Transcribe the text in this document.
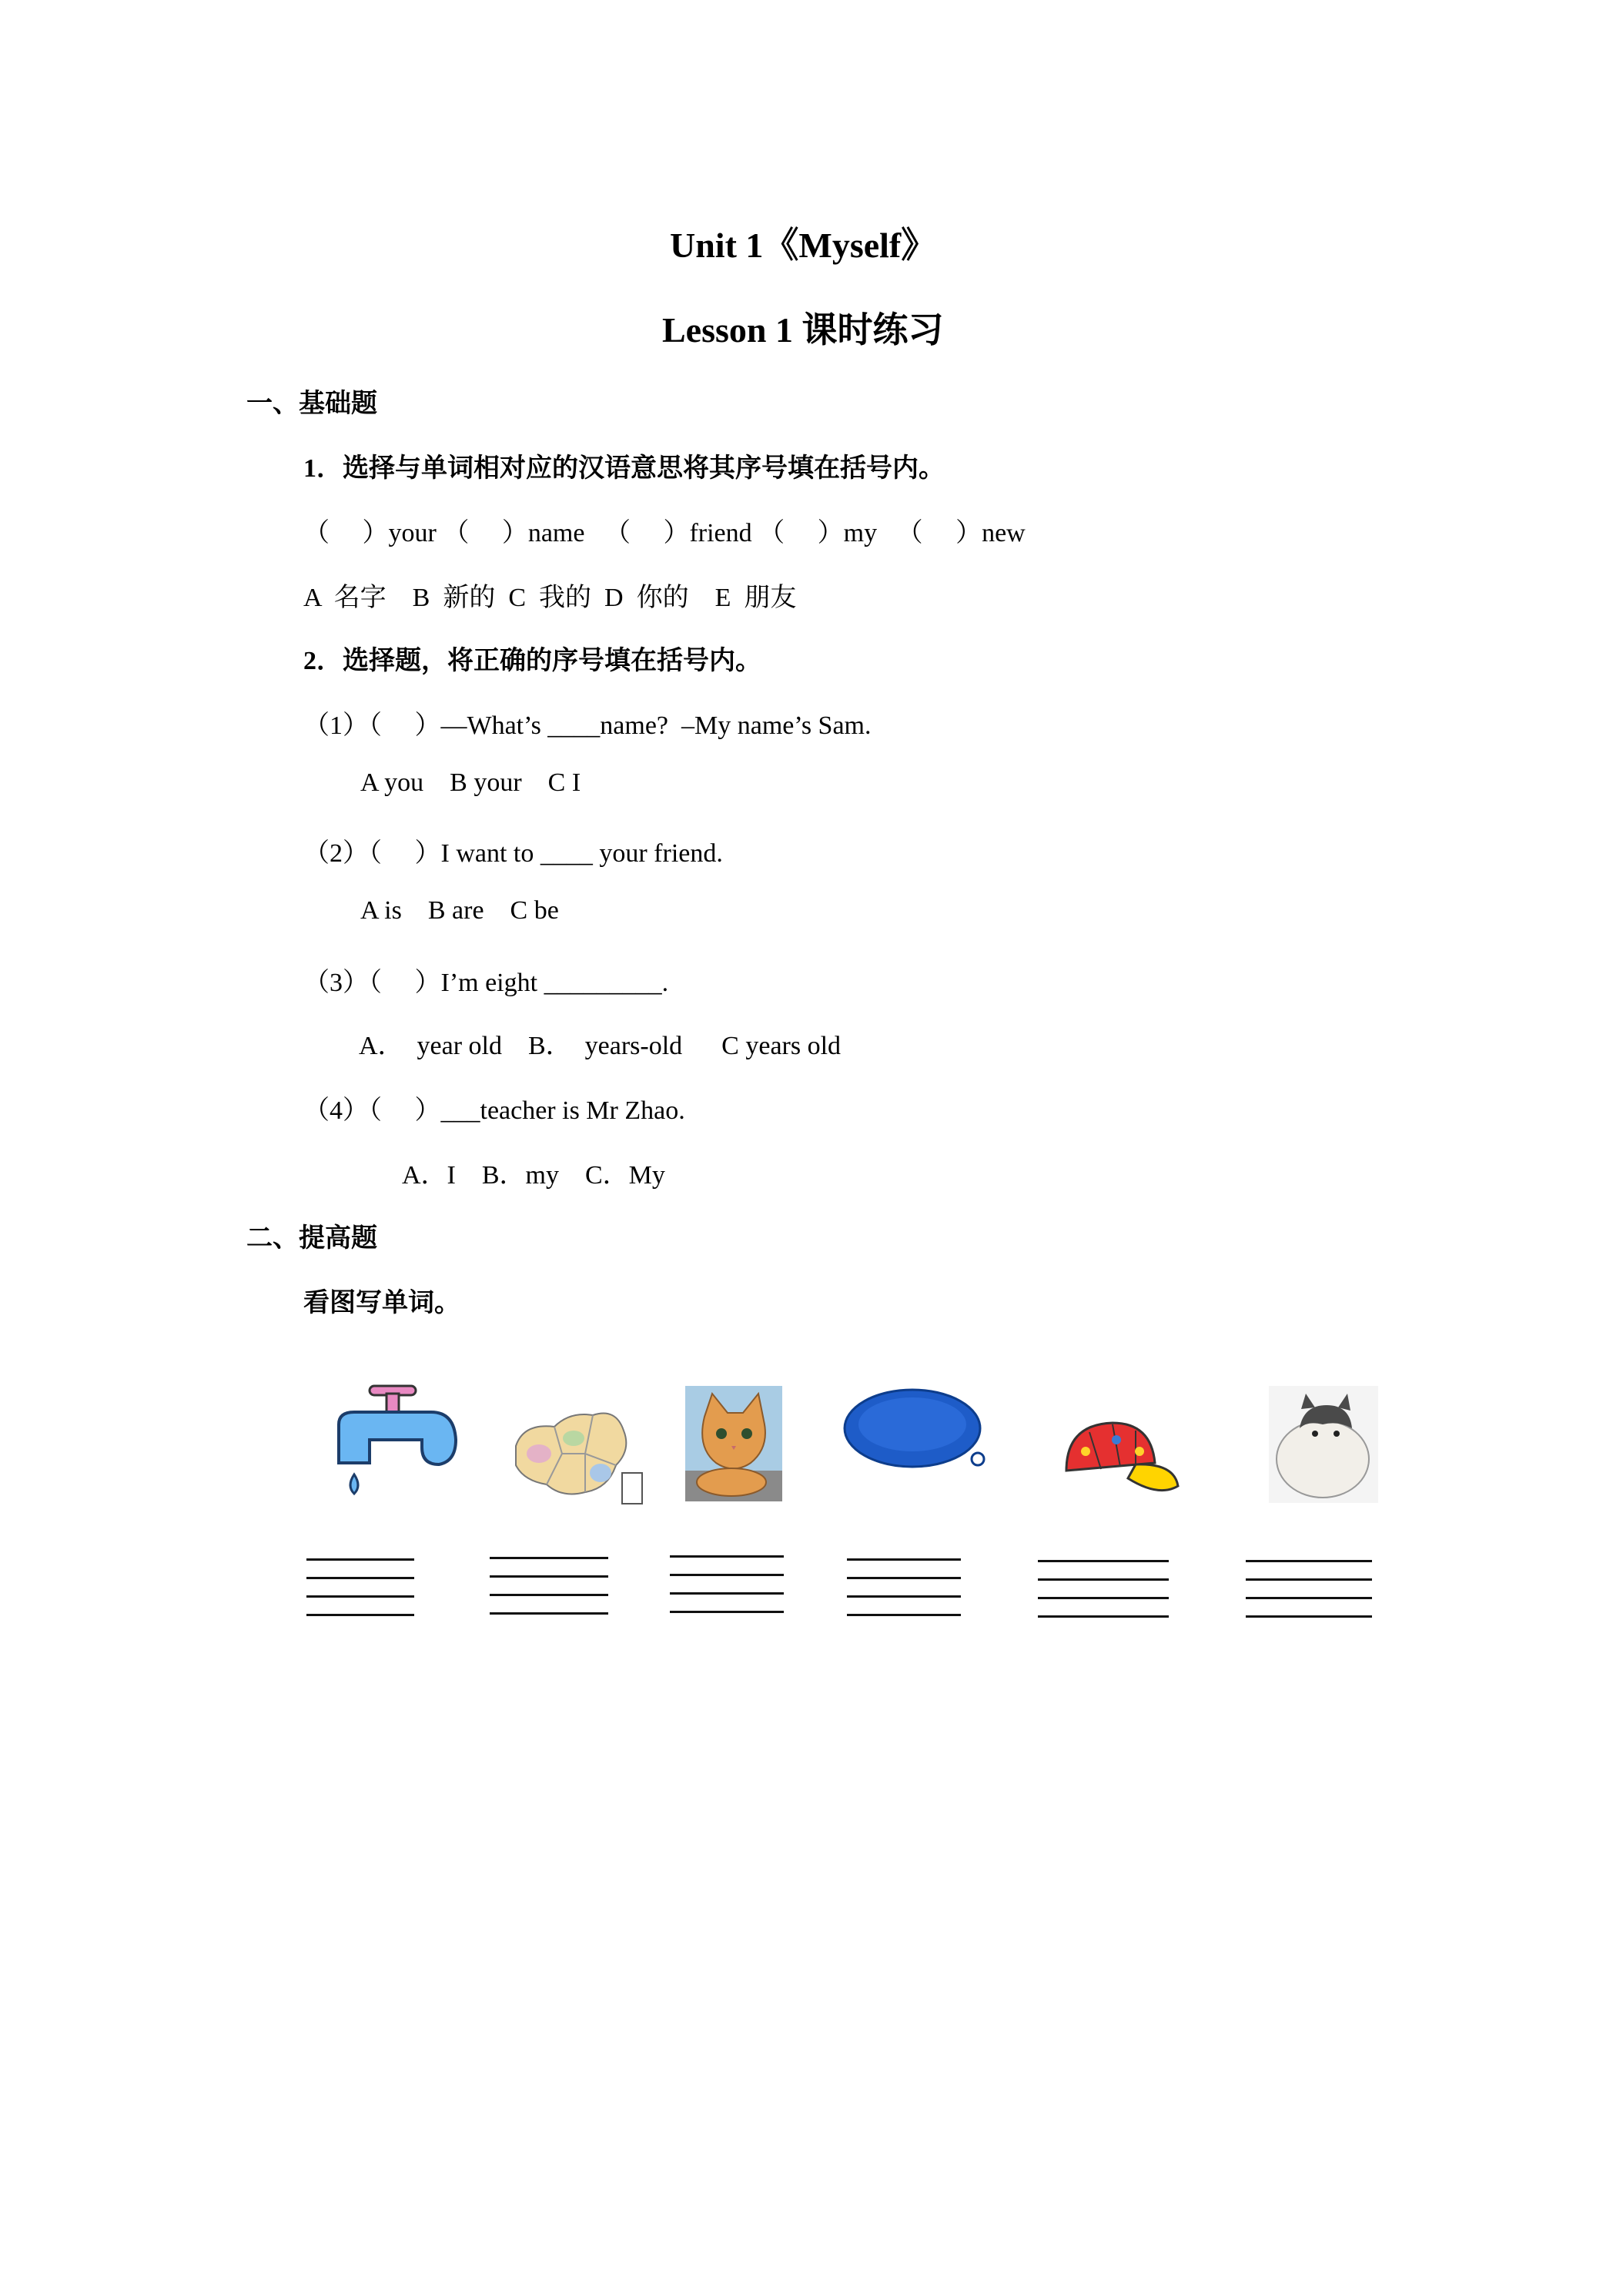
Unit 1《Myself》
Lesson 1 课时练习
一、基础题
1．选择与单词相对应的汉语意思将其序号填在括号内。
（　 ）your （　 ）name 　（　 ）friend （　 ）my 　（　 ）new
A  名字    B  新的  C  我的  D  你的    E  朋友
2．选择题，将正确的序号填在括号内。
（1）（　 ）—What’s ____name?  –My name’s Sam.
A you    B your    C I
（2）（　 ）I want to ____ your friend.
A is    B are    C be
（3）（　 ）I’m eight _________.
A．  year old    B．  years-old      C years old
（4）（　 ）___teacher is Mr Zhao.
A．I    B．my    C．My
二、提高题
看图写单词。
